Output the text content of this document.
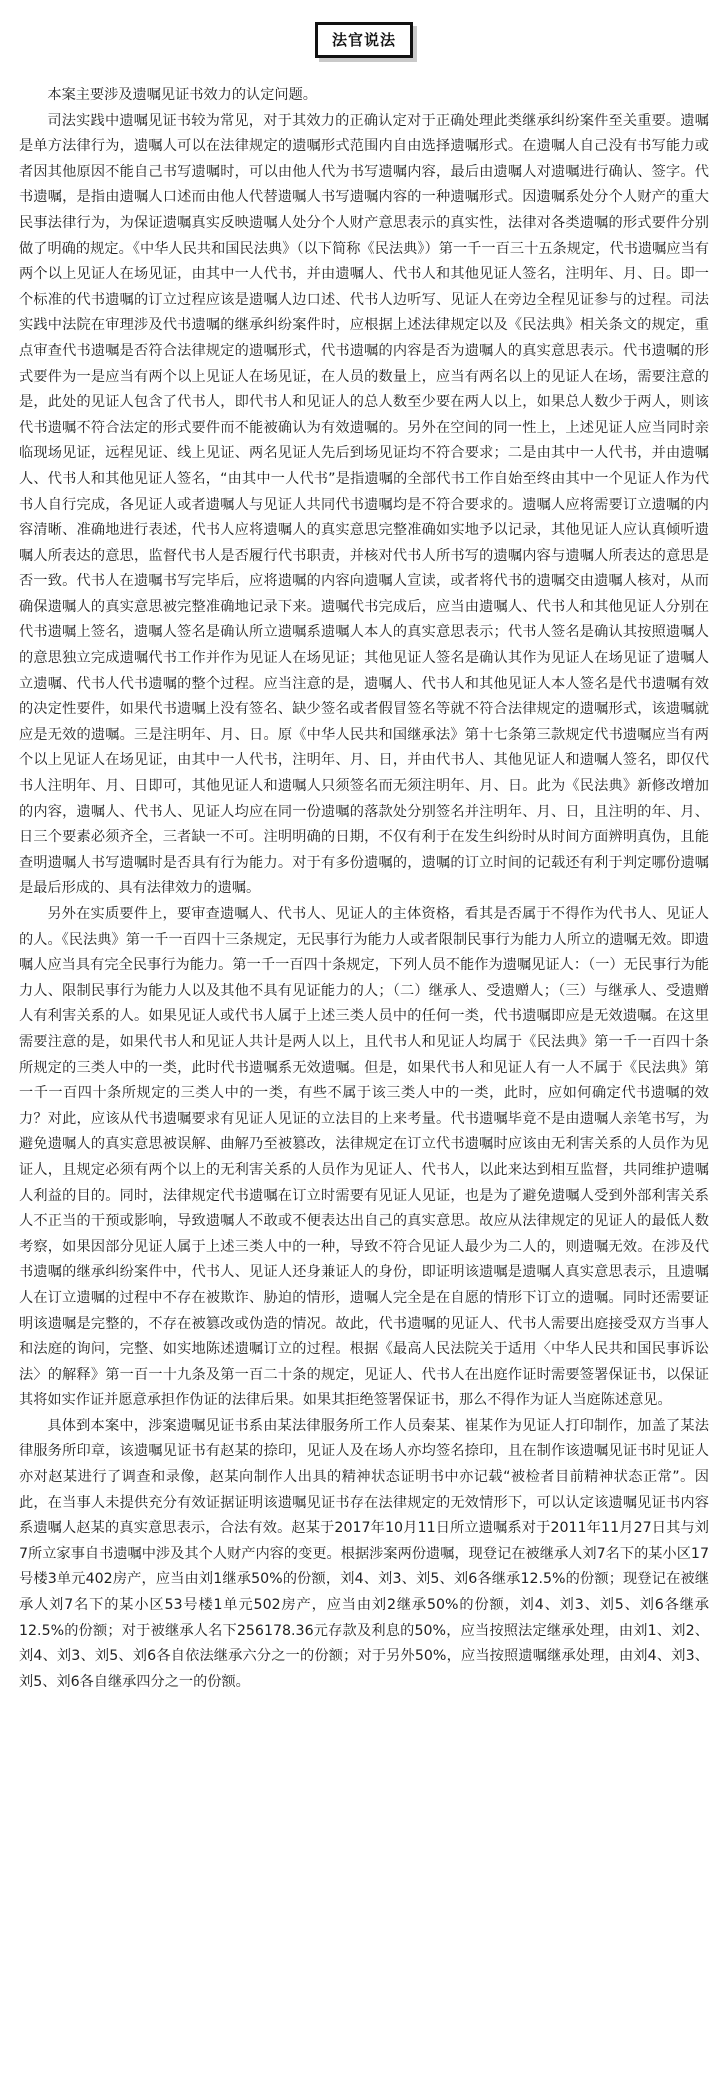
法官说法

本案主要涉及遗嘱见证书效力的认定问题。

司法实践中遗嘱见证书较为常见，对于其效力的正确认定对于正确处理此类继承纠纷案件至关重要。遗嘱是单方法律行为，遗嘱人可以在法律规定的遗嘱形式范围内自由选择遗嘱形式。在遗嘱人自己没有书写能力或者因其他原因不能自己书写遗嘱时，可以由他人代为书写遗嘱内容，最后由遗嘱人对遗嘱进行确认、签字。代书遗嘱，是指由遗嘱人口述而由他人代替遗嘱人书写遗嘱内容的一种遗嘱形式。因遗嘱系处分个人财产的重大民事法律行为，为保证遗嘱真实反映遗嘱人处分个人财产意思表示的真实性，法律对各类遗嘱的形式要件分别做了明确的规定。《中华人民共和国民法典》（以下简称《民法典》）第一千一百三十五条规定，代书遗嘱应当有两个以上见证人在场见证，由其中一人代书，并由遗嘱人、代书人和其他见证人签名，注明年、月、日。即一个标准的代书遗嘱的订立过程应该是遗嘱人边口述、代书人边听写、见证人在旁边全程见证参与的过程。司法实践中法院在审理涉及代书遗嘱的继承纠纷案件时，应根据上述法律规定以及《民法典》相关条文的规定，重点审查代书遗嘱是否符合法律规定的遗嘱形式，代书遗嘱的内容是否为遗嘱人的真实意思表示。代书遗嘱的形式要件为一是应当有两个以上见证人在场见证，在人员的数量上，应当有两名以上的见证人在场，需要注意的是，此处的见证人包含了代书人，即代书人和见证人的总人数至少要在两人以上，如果总人数少于两人，则该代书遗嘱不符合法定的形式要件而不能被确认为有效遗嘱的。另外在空间的同一性上，上述见证人应当同时亲临现场见证，远程见证、线上见证、两名见证人先后到场见证均不符合要求；二是由其中一人代书，并由遗嘱人、代书人和其他见证人签名，“由其中一人代书”是指遗嘱的全部代书工作自始至终由其中一个见证人作为代书人自行完成，各见证人或者遗嘱人与见证人共同代书遗嘱均是不符合要求的。遗嘱人应将需要订立遗嘱的内容清晰、准确地进行表述，代书人应将遗嘱人的真实意思完整准确如实地予以记录，其他见证人应认真倾听遗嘱人所表达的意思，监督代书人是否履行代书职责，并核对代书人所书写的遗嘱内容与遗嘱人所表达的意思是否一致。代书人在遗嘱书写完毕后，应将遗嘱的内容向遗嘱人宣读，或者将代书的遗嘱交由遗嘱人核对，从而确保遗嘱人的真实意思被完整准确地记录下来。遗嘱代书完成后，应当由遗嘱人、代书人和其他见证人分别在代书遗嘱上签名，遗嘱人签名是确认所立遗嘱系遗嘱人本人的真实意思表示；代书人签名是确认其按照遗嘱人的意思独立完成遗嘱代书工作并作为见证人在场见证；其他见证人签名是确认其作为见证人在场见证了遗嘱人立遗嘱、代书人代书遗嘱的整个过程。应当注意的是，遗嘱人、代书人和其他见证人本人签名是代书遗嘱有效的决定性要件，如果代书遗嘱上没有签名、缺少签名或者假冒签名等就不符合法律规定的遗嘱形式，该遗嘱就应是无效的遗嘱。三是注明年、月、日。原《中华人民共和国继承法》第十七条第三款规定代书遗嘱应当有两个以上见证人在场见证，由其中一人代书，注明年、月、日，并由代书人、其他见证人和遗嘱人签名，即仅代书人注明年、月、日即可，其他见证人和遗嘱人只须签名而无须注明年、月、日。此为《民法典》新修改增加的内容，遗嘱人、代书人、见证人均应在同一份遗嘱的落款处分别签名并注明年、月、日，且注明的年、月、日三个要素必须齐全，三者缺一不可。注明明确的日期，不仅有利于在发生纠纷时从时间方面辨明真伪，且能查明遗嘱人书写遗嘱时是否具有行为能力。对于有多份遗嘱的，遗嘱的订立时间的记载还有利于判定哪份遗嘱是最后形成的、具有法律效力的遗嘱。

另外在实质要件上，要审查遗嘱人、代书人、见证人的主体资格，看其是否属于不得作为代书人、见证人的人。《民法典》第一千一百四十三条规定，无民事行为能力人或者限制民事行为能力人所立的遗嘱无效。即遗嘱人应当具有完全民事行为能力。第一千一百四十条规定，下列人员不能作为遗嘱见证人：（一）无民事行为能力人、限制民事行为能力人以及其他不具有见证能力的人；（二）继承人、受遗赠人；（三）与继承人、受遗赠人有利害关系的人。如果见证人或代书人属于上述三类人员中的任何一类，代书遗嘱即应是无效遗嘱。在这里需要注意的是，如果代书人和见证人共计是两人以上，且代书人和见证人均属于《民法典》第一千一百四十条所规定的三类人中的一类，此时代书遗嘱系无效遗嘱。但是，如果代书人和见证人有一人不属于《民法典》第一千一百四十条所规定的三类人中的一类，有些不属于该三类人中的一类，此时，应如何确定代书遗嘱的效力？对此，应该从代书遗嘱要求有见证人见证的立法目的上来考量。代书遗嘱毕竟不是由遗嘱人亲笔书写，为避免遗嘱人的真实意思被误解、曲解乃至被篡改，法律规定在订立代书遗嘱时应该由无利害关系的人员作为见证人，且规定必须有两个以上的无利害关系的人员作为见证人、代书人，以此来达到相互监督，共同维护遗嘱人利益的目的。同时，法律规定代书遗嘱在订立时需要有见证人见证，也是为了避免遗嘱人受到外部利害关系人不正当的干预或影响，导致遗嘱人不敢或不便表达出自己的真实意思。故应从法律规定的见证人的最低人数考察，如果因部分见证人属于上述三类人中的一种，导致不符合见证人最少为二人的，则遗嘱无效。在涉及代书遗嘱的继承纠纷案件中，代书人、见证人还身兼证人的身份，即证明该遗嘱是遗嘱人真实意思表示，且遗嘱人在订立遗嘱的过程中不存在被欺诈、胁迫的情形，遗嘱人完全是在自愿的情形下订立的遗嘱。同时还需要证明该遗嘱是完整的，不存在被篡改或伪造的情况。故此，代书遗嘱的见证人、代书人需要出庭接受双方当事人和法庭的询问，完整、如实地陈述遗嘱订立的过程。根据《最高人民法院关于适用〈中华人民共和国民事诉讼法〉的解释》第一百一十九条及第一百二十条的规定，见证人、代书人在出庭作证时需要签署保证书，以保证其将如实作证并愿意承担作伪证的法律后果。如果其拒绝签署保证书，那么不得作为证人当庭陈述意见。

具体到本案中，涉案遗嘱见证书系由某法律服务所工作人员秦某、崔某作为见证人打印制作，加盖了某法律服务所印章，该遗嘱见证书有赵某的捺印，见证人及在场人亦均签名捺印，且在制作该遗嘱见证书时见证人亦对赵某进行了调查和录像，赵某向制作人出具的精神状态证明书中亦记载“被检者目前精神状态正常”。因此，在当事人未提供充分有效证据证明该遗嘱见证书存在法律规定的无效情形下，可以认定该遗嘱见证书内容系遗嘱人赵某的真实意思表示，合法有效。赵某于2017年10月11日所立遗嘱系对于2011年11月27日其与刘7所立家事自书遗嘱中涉及其个人财产内容的变更。根据涉案两份遗嘱，现登记在被继承人刘7名下的某小区17号楼3单元402房产，应当由刘1继承50%的份额，刘4、刘3、刘5、刘6各继承12.5%的份额；现登记在被继承人刘7名下的某小区53号楼1单元502房产，应当由刘2继承50%的份额，刘4、刘3、刘5、刘6各继承12.5%的份额；对于被继承人名下256178.36元存款及利息的50%，应当按照法定继承处理，由刘1、刘2、刘4、刘3、刘5、刘6各自依法继承六分之一的份额；对于另外50%，应当按照遗嘱继承处理，由刘4、刘3、刘5、刘6各自继承四分之一的份额。
